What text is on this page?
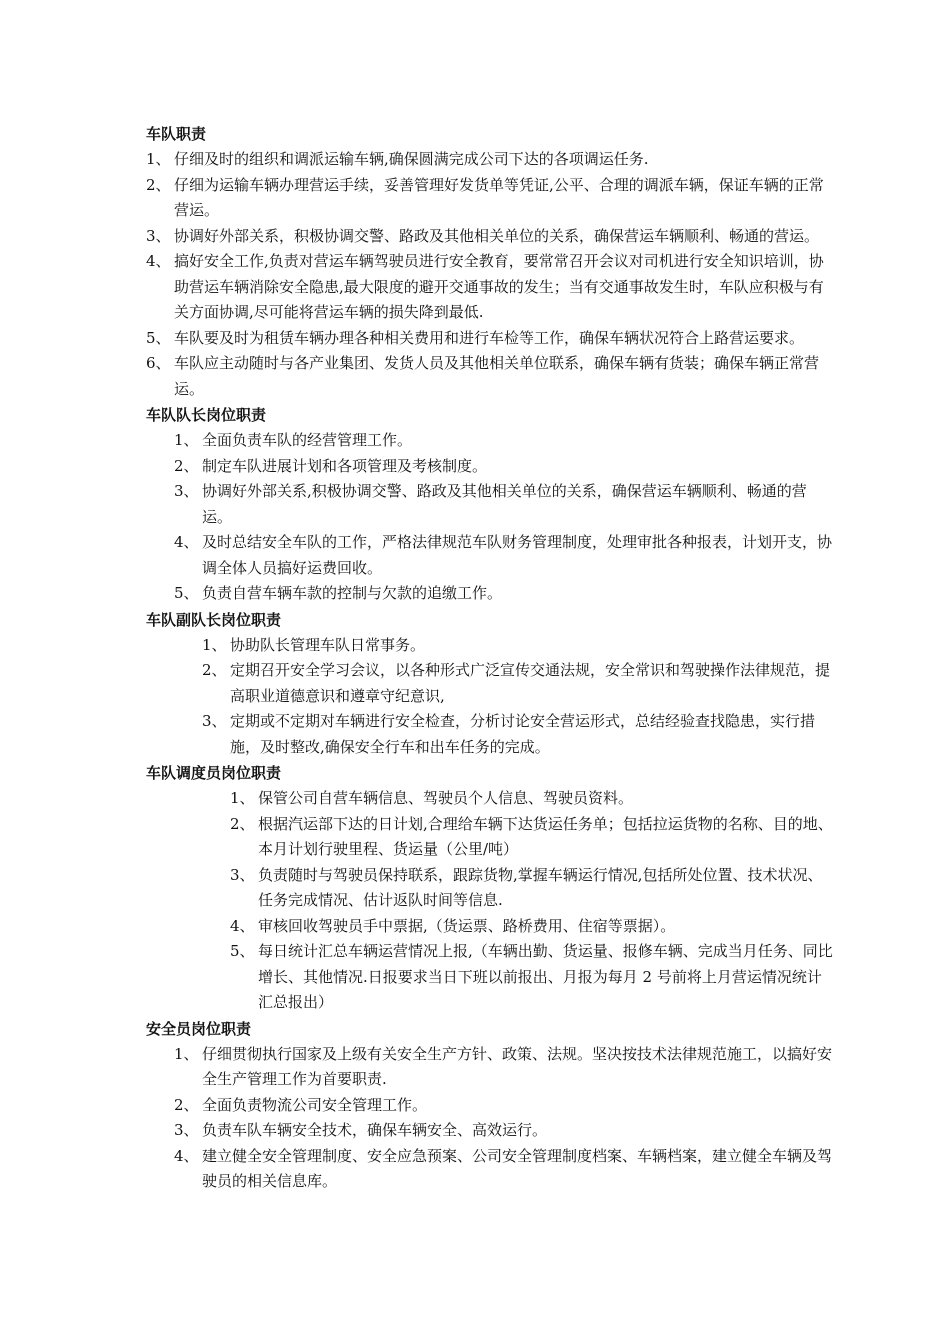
车队职责
1、 仔细及时的组织和调派运输车辆,确保圆满完成公司下达的各项调运任务.
2、 仔细为运输车辆办理营运手续，妥善管理好发货单等凭证,公平、合理的调派车辆，保证车辆的正常营运。
3、 协调好外部关系，积极协调交警、路政及其他相关单位的关系，确保营运车辆顺利、畅通的营运。
4、 搞好安全工作,负责对营运车辆驾驶员进行安全教育，要常常召开会议对司机进行安全知识培训，协助营运车辆消除安全隐患,最大限度的避开交通事故的发生；当有交通事故发生时，车队应积极与有关方面协调,尽可能将营运车辆的损失降到最低.
5、 车队要及时为租赁车辆办理各种相关费用和进行车检等工作，确保车辆状况符合上路营运要求。
6、 车队应主动随时与各产业集团、发货人员及其他相关单位联系，确保车辆有货装；确保车辆正常营运。
车队队长岗位职责
1、 全面负责车队的经营管理工作。
2、 制定车队进展计划和各项管理及考核制度。
3、 协调好外部关系,积极协调交警、路政及其他相关单位的关系，确保营运车辆顺利、畅通的营运。
4、 及时总结安全车队的工作，严格法律规范车队财务管理制度，处理审批各种报表，计划开支，协调全体人员搞好运费回收。
5、 负责自营车辆车款的控制与欠款的追缴工作。
车队副队长岗位职责
1、 协助队长管理车队日常事务。
2、 定期召开安全学习会议，以各种形式广泛宣传交通法规，安全常识和驾驶操作法律规范，提高职业道德意识和遵章守纪意识,
3、 定期或不定期对车辆进行安全检查，分析讨论安全营运形式，总结经验查找隐患，实行措施，及时整改,确保安全行车和出车任务的完成。
车队调度员岗位职责
1、 保管公司自营车辆信息、驾驶员个人信息、驾驶员资料。
2、 根据汽运部下达的日计划,合理给车辆下达货运任务单；包括拉运货物的名称、目的地、本月计划行驶里程、货运量（公里/吨）
3、 负责随时与驾驶员保持联系，跟踪货物,掌握车辆运行情况,包括所处位置、技术状况、任务完成情况、估计返队时间等信息.
4、 审核回收驾驶员手中票据,（货运票、路桥费用、住宿等票据）。
5、 每日统计汇总车辆运营情况上报,（车辆出勤、货运量、报修车辆、完成当月任务、同比增长、其他情况.日报要求当日下班以前报出、月报为每月 2 号前将上月营运情况统计汇总报出）
安全员岗位职责
1、 仔细贯彻执行国家及上级有关安全生产方针、政策、法规。坚决按技术法律规范施工，以搞好安全生产管理工作为首要职责.
2、 全面负责物流公司安全管理工作。
3、 负责车队车辆安全技术，确保车辆安全、高效运行。
4、 建立健全安全管理制度、安全应急预案、公司安全管理制度档案、车辆档案，建立健全车辆及驾驶员的相关信息库。
